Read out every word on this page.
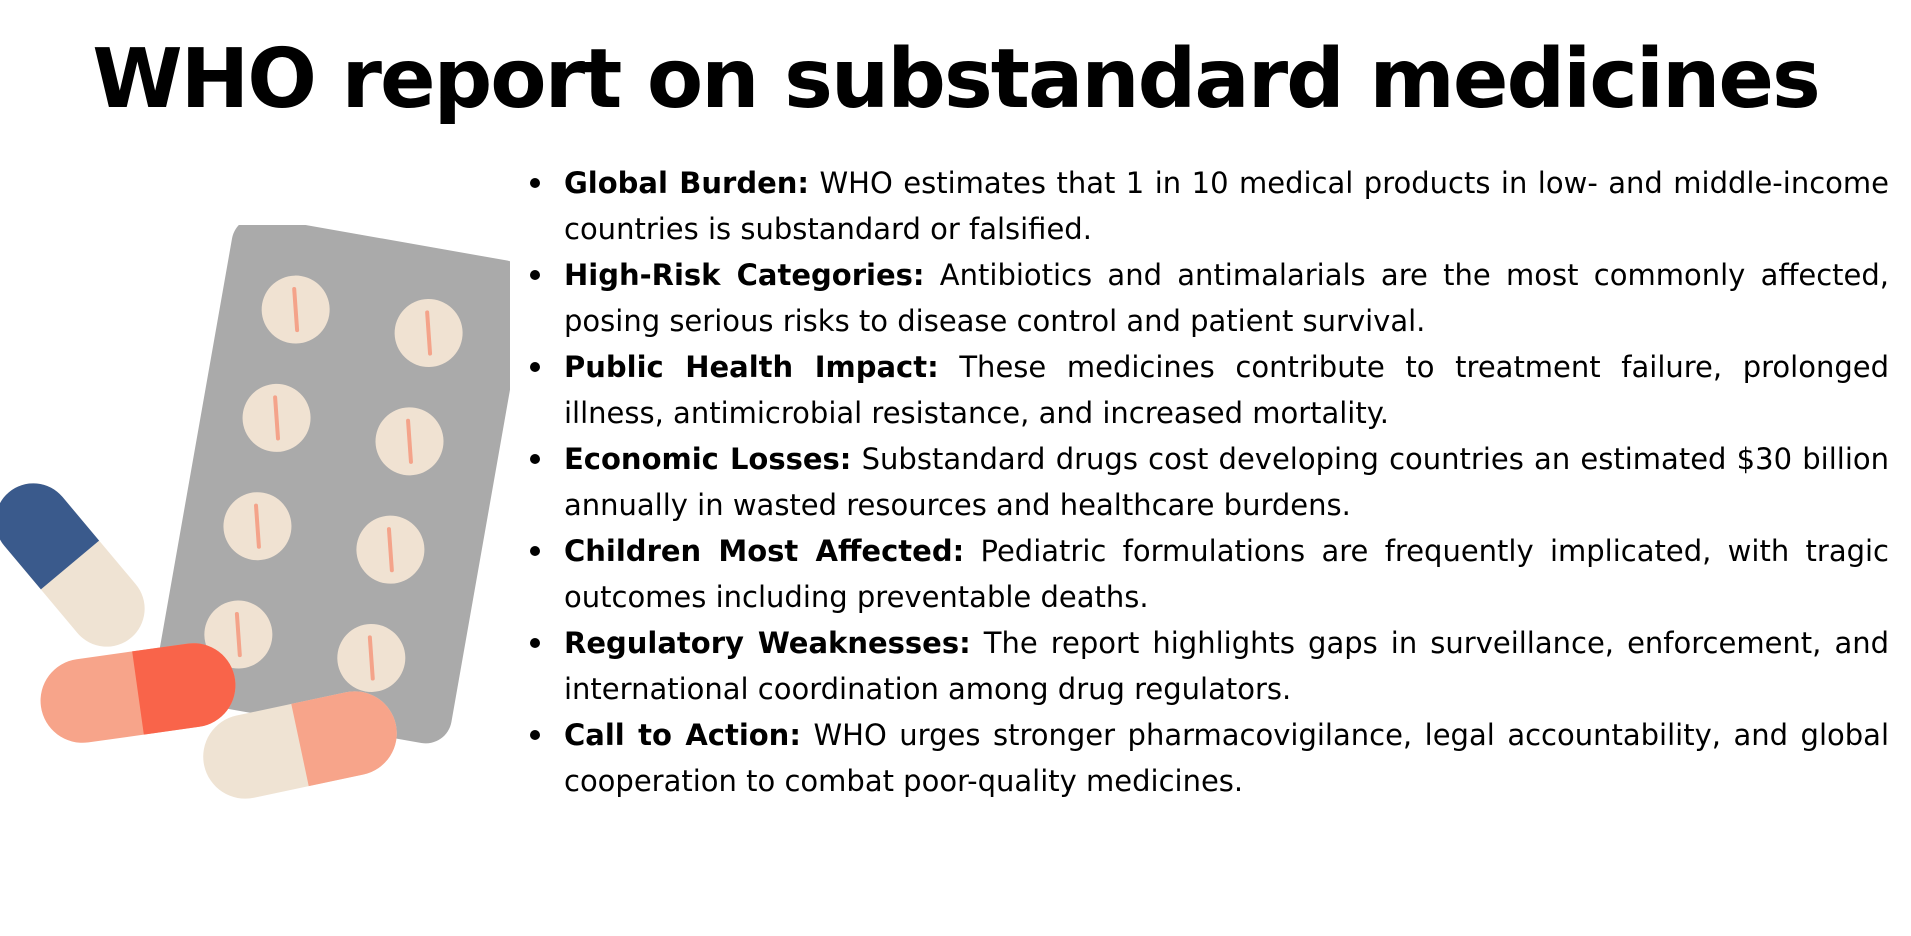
WHO report on substandard medicines
Global Burden: WHO estimates that 1 in 10 medical products in low- and middle-income countries is substandard or falsified.
High-Risk Categories: Antibiotics and antimalarials are the most commonly affected, posing serious risks to disease control and patient survival.
Public Health Impact: These medicines contribute to treatment failure, prolonged illness, antimicrobial resistance, and increased mortality.
Economic Losses: Substandard drugs cost developing countries an estimated $30 billion annually in wasted resources and healthcare burdens.
Children Most Affected: Pediatric formulations are frequently implicated, with tragic outcomes including preventable deaths.
Regulatory Weaknesses: The report highlights gaps in surveillance, enforcement, and international coordination among drug regulators.
Call to Action: WHO urges stronger pharmacovigilance, legal accountability, and global cooperation to combat poor-quality medicines.
